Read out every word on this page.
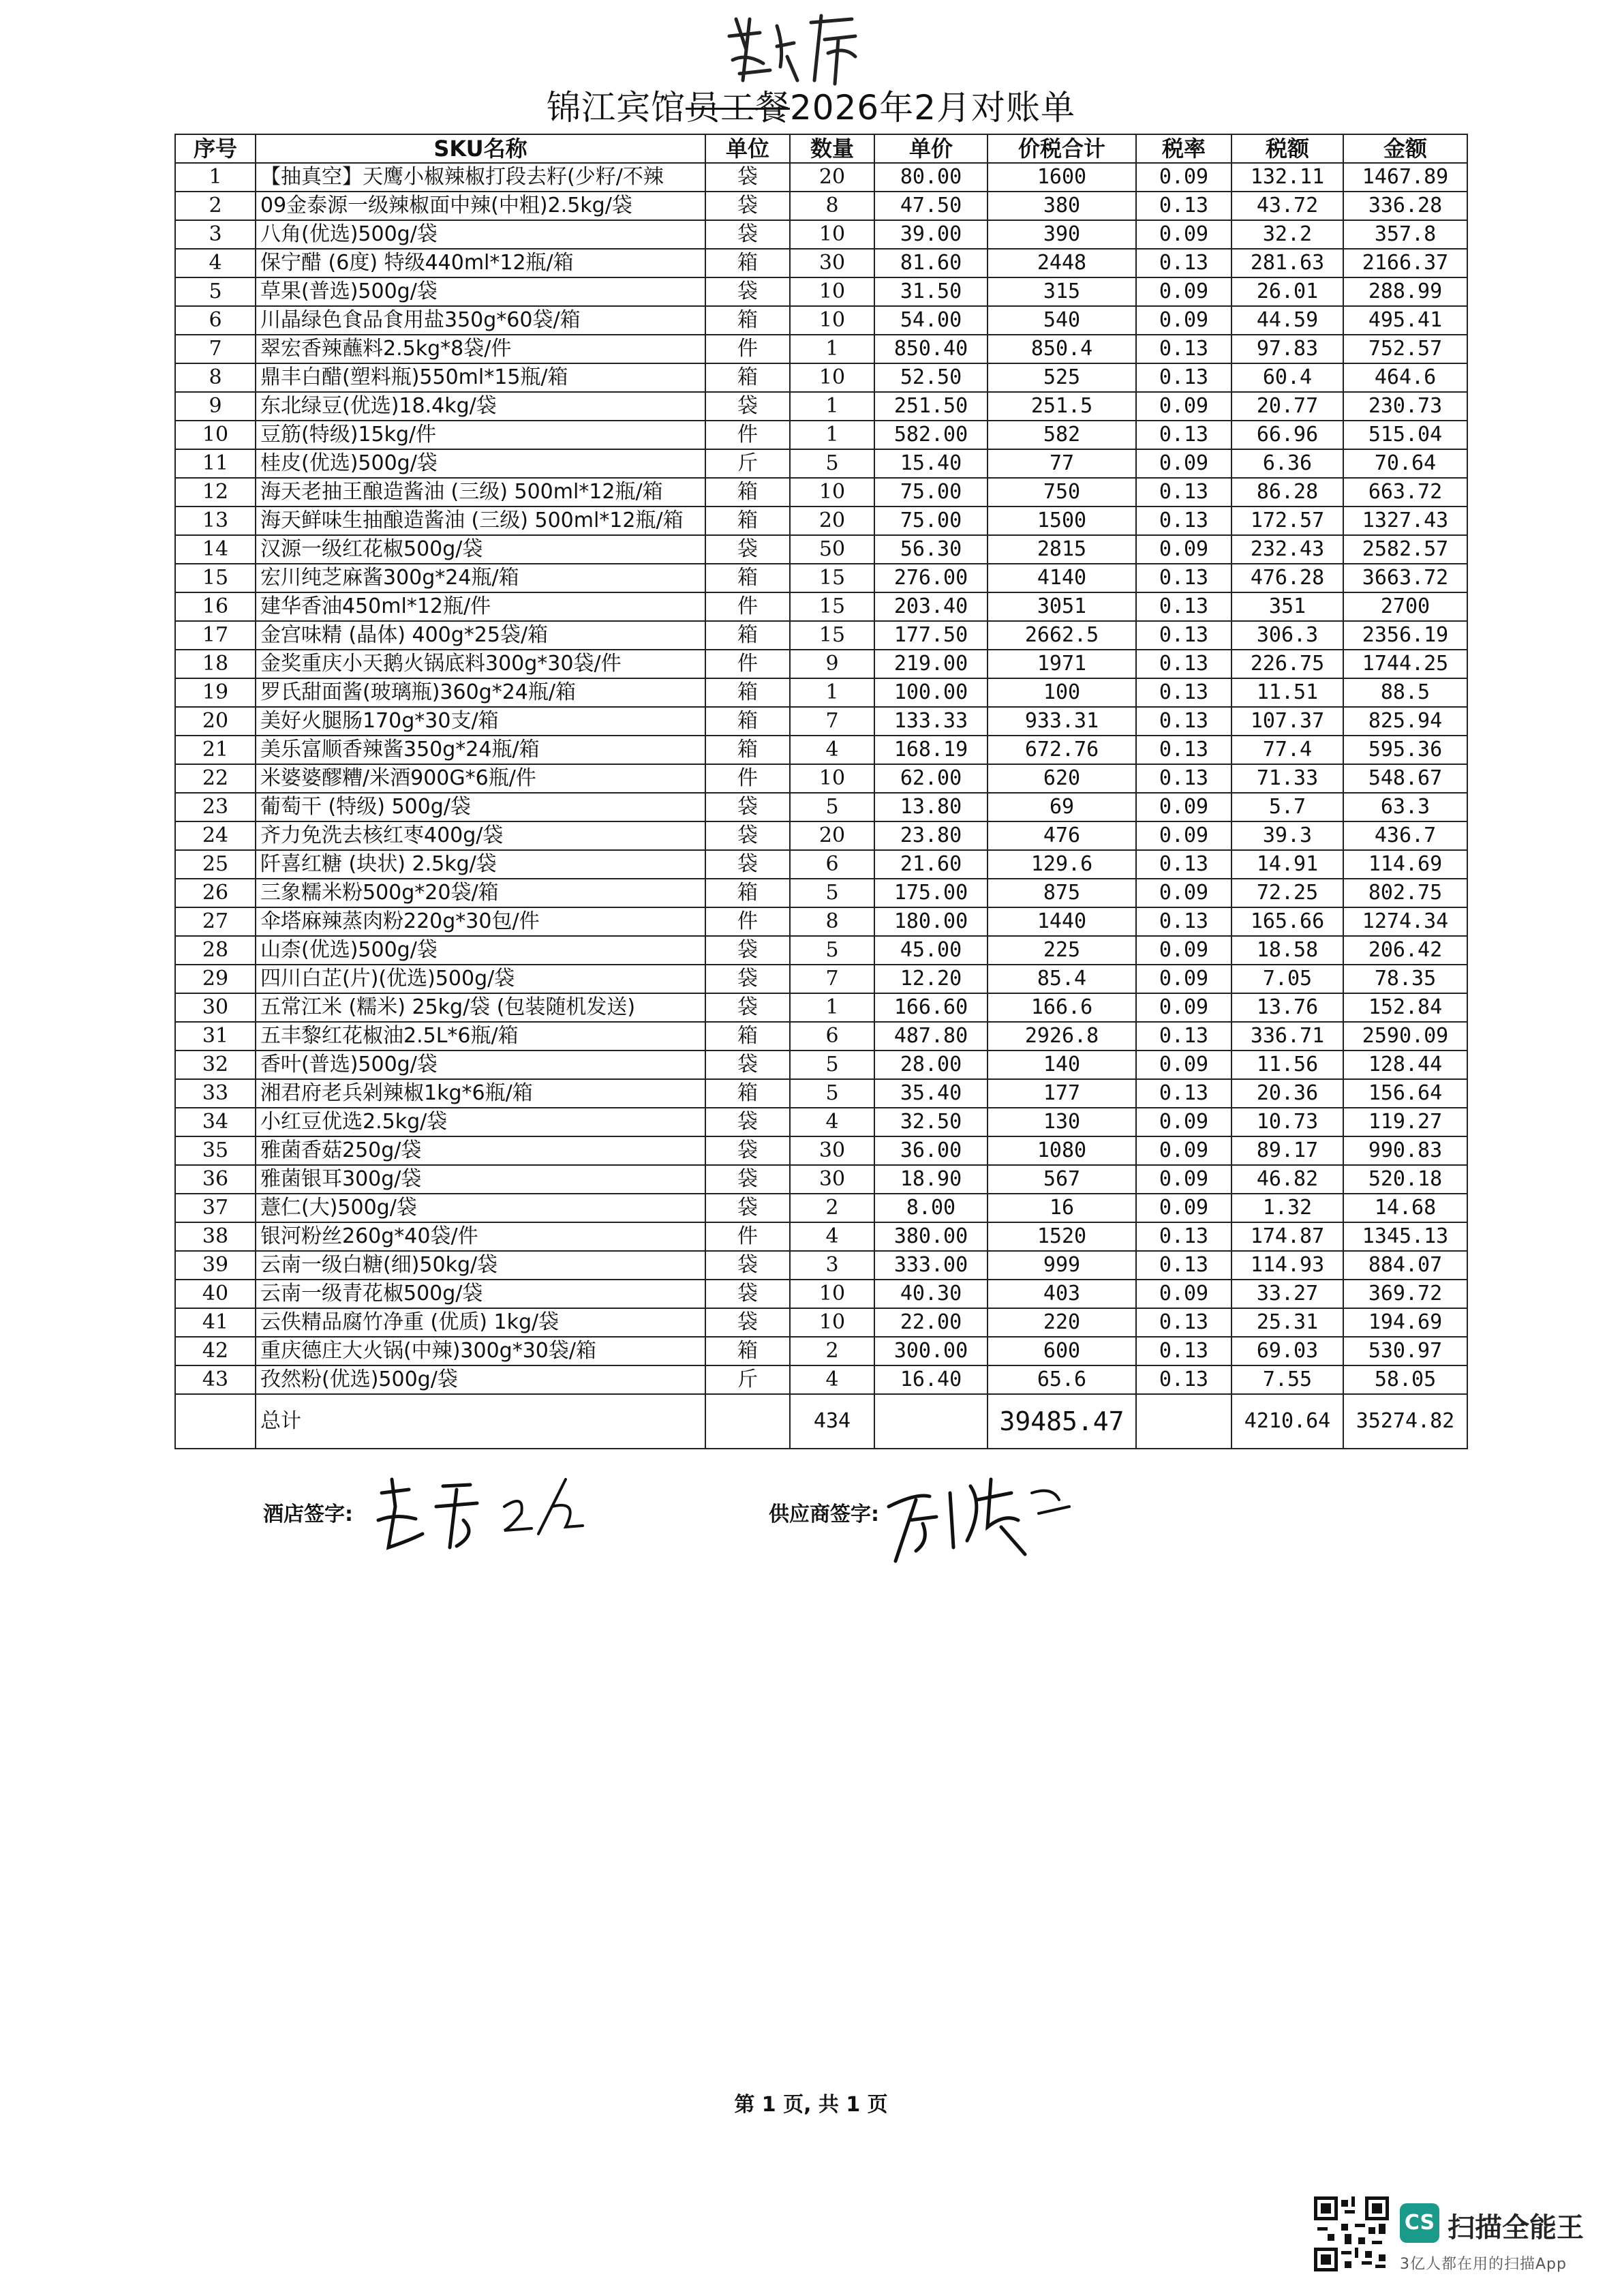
锦江宾馆员工餐2026年2月对账单
序号	SKU名称	单位	数量	单价	价税合计	税率	税额	金额
1	【抽真空】天鹰小椒辣椒打段去籽(少籽/不辣	袋	20	80.00	1600	0.09	132.11	1467.89
2	09金泰源一级辣椒面中辣(中粗)2.5kg/袋	袋	8	47.50	380	0.13	43.72	336.28
3	八角(优选)500g/袋	袋	10	39.00	390	0.09	32.2	357.8
4	保宁醋 (6度) 特级440ml*12瓶/箱	箱	30	81.60	2448	0.13	281.63	2166.37
5	草果(普选)500g/袋	袋	10	31.50	315	0.09	26.01	288.99
6	川晶绿色食品食用盐350g*60袋/箱	箱	10	54.00	540	0.09	44.59	495.41
7	翠宏香辣蘸料2.5kg*8袋/件	件	1	850.40	850.4	0.13	97.83	752.57
8	鼎丰白醋(塑料瓶)550ml*15瓶/箱	箱	10	52.50	525	0.13	60.4	464.6
9	东北绿豆(优选)18.4kg/袋	袋	1	251.50	251.5	0.09	20.77	230.73
10	豆筋(特级)15kg/件	件	1	582.00	582	0.13	66.96	515.04
11	桂皮(优选)500g/袋	斤	5	15.40	77	0.09	6.36	70.64
12	海天老抽王酿造酱油 (三级) 500ml*12瓶/箱	箱	10	75.00	750	0.13	86.28	663.72
13	海天鲜味生抽酿造酱油 (三级) 500ml*12瓶/箱	箱	20	75.00	1500	0.13	172.57	1327.43
14	汉源一级红花椒500g/袋	袋	50	56.30	2815	0.09	232.43	2582.57
15	宏川纯芝麻酱300g*24瓶/箱	箱	15	276.00	4140	0.13	476.28	3663.72
16	建华香油450ml*12瓶/件	件	15	203.40	3051	0.13	351	2700
17	金宫味精 (晶体) 400g*25袋/箱	箱	15	177.50	2662.5	0.13	306.3	2356.19
18	金奖重庆小天鹅火锅底料300g*30袋/件	件	9	219.00	1971	0.13	226.75	1744.25
19	罗氏甜面酱(玻璃瓶)360g*24瓶/箱	箱	1	100.00	100	0.13	11.51	88.5
20	美好火腿肠170g*30支/箱	箱	7	133.33	933.31	0.13	107.37	825.94
21	美乐富顺香辣酱350g*24瓶/箱	箱	4	168.19	672.76	0.13	77.4	595.36
22	米婆婆醪糟/米酒900G*6瓶/件	件	10	62.00	620	0.13	71.33	548.67
23	葡萄干 (特级) 500g/袋	袋	5	13.80	69	0.09	5.7	63.3
24	齐力免洗去核红枣400g/袋	袋	20	23.80	476	0.09	39.3	436.7
25	阡喜红糖 (块状) 2.5kg/袋	袋	6	21.60	129.6	0.13	14.91	114.69
26	三象糯米粉500g*20袋/箱	箱	5	175.00	875	0.09	72.25	802.75
27	伞塔麻辣蒸肉粉220g*30包/件	件	8	180.00	1440	0.13	165.66	1274.34
28	山柰(优选)500g/袋	袋	5	45.00	225	0.09	18.58	206.42
29	四川白芷(片)(优选)500g/袋	袋	7	12.20	85.4	0.09	7.05	78.35
30	五常江米 (糯米) 25kg/袋 (包装随机发送)	袋	1	166.60	166.6	0.09	13.76	152.84
31	五丰黎红花椒油2.5L*6瓶/箱	箱	6	487.80	2926.8	0.13	336.71	2590.09
32	香叶(普选)500g/袋	袋	5	28.00	140	0.09	11.56	128.44
33	湘君府老兵剁辣椒1kg*6瓶/箱	箱	5	35.40	177	0.13	20.36	156.64
34	小红豆优选2.5kg/袋	袋	4	32.50	130	0.09	10.73	119.27
35	雅菌香菇250g/袋	袋	30	36.00	1080	0.09	89.17	990.83
36	雅菌银耳300g/袋	袋	30	18.90	567	0.09	46.82	520.18
37	薏仁(大)500g/袋	袋	2	8.00	16	0.09	1.32	14.68
38	银河粉丝260g*40袋/件	件	4	380.00	1520	0.13	174.87	1345.13
39	云南一级白糖(细)50kg/袋	袋	3	333.00	999	0.13	114.93	884.07
40	云南一级青花椒500g/袋	袋	10	40.30	403	0.09	33.27	369.72
41	云佚精品腐竹净重 (优质) 1kg/袋	袋	10	22.00	220	0.13	25.31	194.69
42	重庆德庄大火锅(中辣)300g*30袋/箱	箱	2	300.00	600	0.13	69.03	530.97
43	孜然粉(优选)500g/袋	斤	4	16.40	65.6	0.13	7.55	58.05
	总计		434		39485.47		4210.64	35274.82
酒店签字:	供应商签字:
第 1 页, 共 1 页
CS 扫描全能王
3亿人都在用的扫描App
